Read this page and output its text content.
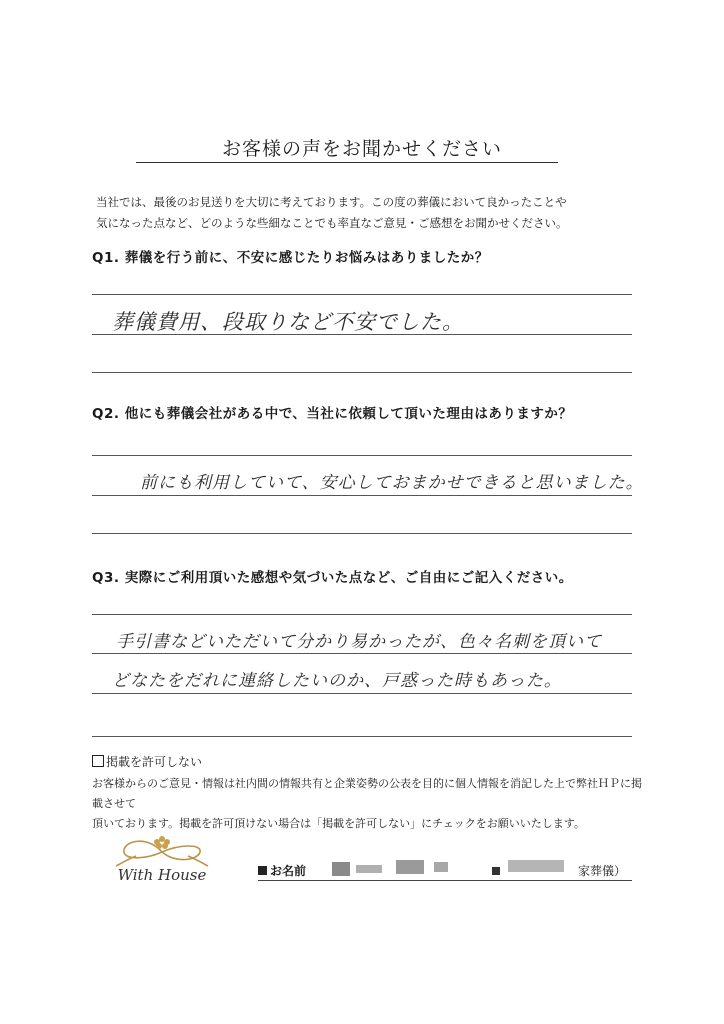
お客様の声をお聞かせください
当社では、最後のお見送りを大切に考えております。この度の葬儀において良かったことや
気になった点など、どのような些細なことでも率直なご意見・ご感想をお聞かせください。
Q1. 葬儀を行う前に、不安に感じたりお悩みはありましたか？
葬儀費用、段取りなど不安でした。
Q2. 他にも葬儀会社がある中で、当社に依頼して頂いた理由はありますか？
前にも利用していて、安心しておまかせできると思いました。
Q3. 実際にご利用頂いた感想や気づいた点など、ご自由にご記入ください。
手引書などいただいて分かり易かったが、色々名刺を頂いて
どなたをだれに連絡したいのか、戸惑った時もあった。
掲載を許可しない
お客様からのご意見・情報は社内間の情報共有と企業姿勢の公表を目的に個人情報を消記した上で弊社ＨＰに掲載させて
頂いております。掲載を許可頂けない場合は「掲載を許可しない」にチェックをお願いいたします。
With House	お名前	家葬儀）
